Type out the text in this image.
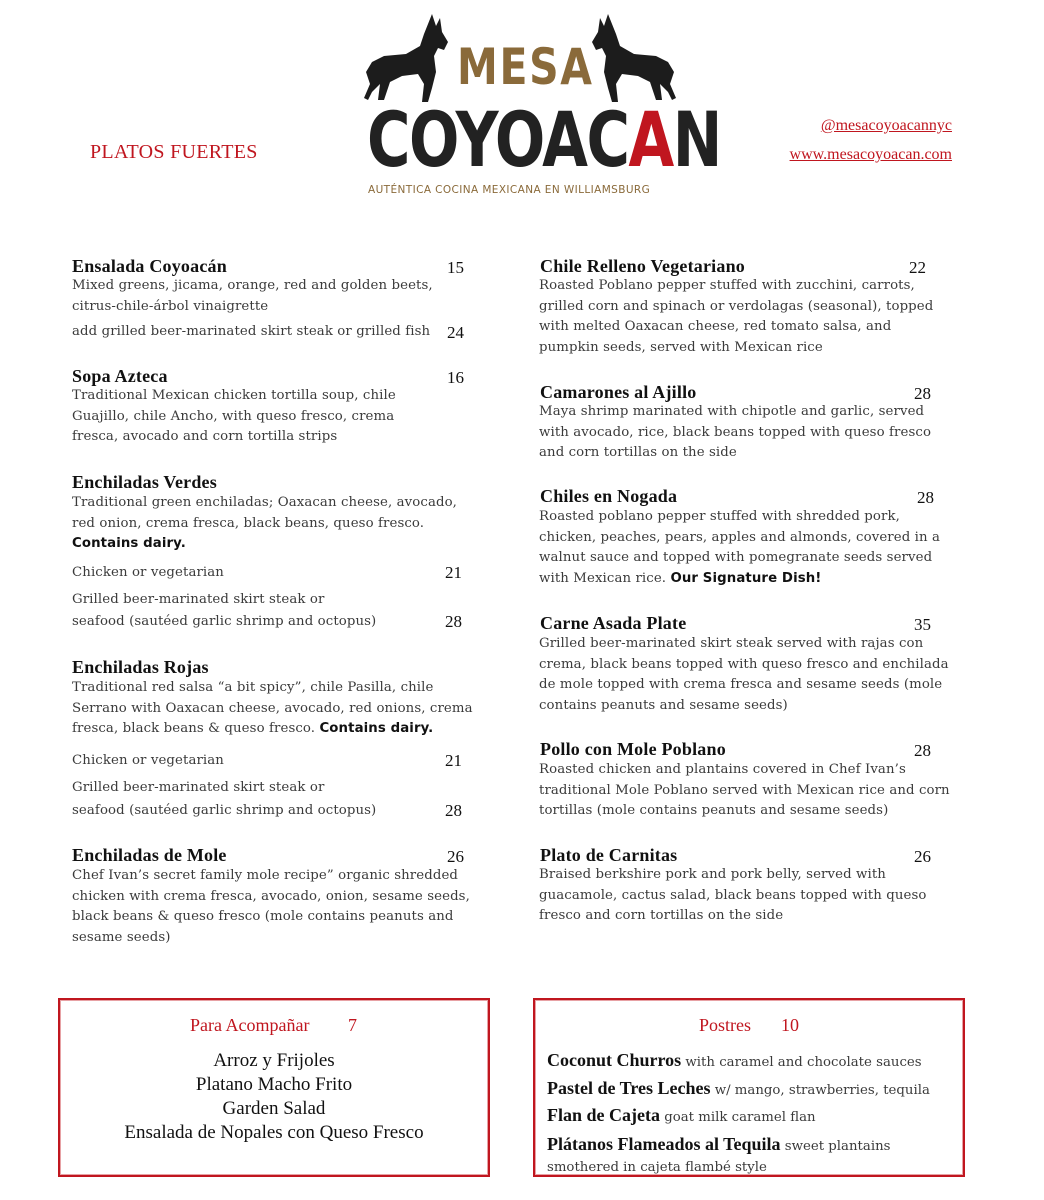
PLATOS FUERTES
@mesacoyoacannyc
www.mesacoyoacan.com
MESA
COYOACAN
AUTÉNTICA COCINA MEXICANA EN WILLIAMSBURG
Ensalada Coyoacán	15
Mixed greens, jicama, orange, red and golden beets, citrus-chile-árbol vinaigrette
add grilled beer-marinated skirt steak or grilled fish 24
Sopa Azteca	16
Traditional Mexican chicken tortilla soup, chile Guajillo, chile Ancho, with queso fresco, crema fresca, avocado and corn tortilla strips
Enchiladas Verdes
Traditional green enchiladas; Oaxacan cheese, avocado, red onion, crema fresca, black beans, queso fresco. Contains dairy.
Chicken or vegetarian	21
Grilled beer-marinated skirt steak or
seafood (sautéed garlic shrimp and octopus)	28
Enchiladas Rojas
Traditional red salsa “a bit spicy”, chile Pasilla, chile Serrano with Oaxacan cheese, avocado, red onions, crema fresca, black beans & queso fresco. Contains dairy.
Chicken or vegetarian	21
Grilled beer-marinated skirt steak or
seafood (sautéed garlic shrimp and octopus)	28
Enchiladas de Mole	26
Chef Ivan’s secret family mole recipe” organic shredded chicken with crema fresca, avocado, onion, sesame seeds, black beans & queso fresco (mole contains peanuts and sesame seeds)
Chile Relleno Vegetariano	22
Roasted Poblano pepper stuffed with zucchini, carrots, grilled corn and spinach or verdolagas (seasonal), topped with melted Oaxacan cheese, red tomato salsa, and pumpkin seeds, served with Mexican rice
Camarones al Ajillo	28
Maya shrimp marinated with chipotle and garlic, served with avocado, rice, black beans topped with queso fresco and corn tortillas on the side
Chiles en Nogada	28
Roasted poblano pepper stuffed with shredded pork, chicken, peaches, pears, apples and almonds, covered in a walnut sauce and topped with pomegranate seeds served with Mexican rice. Our Signature Dish!
Carne Asada Plate	35
Grilled beer-marinated skirt steak served with rajas con crema, black beans topped with queso fresco and enchilada de mole topped with crema fresca and sesame seeds (mole contains peanuts and sesame seeds)
Pollo con Mole Poblano	28
Roasted chicken and plantains covered in Chef Ivan’s traditional Mole Poblano served with Mexican rice and corn tortillas (mole contains peanuts and sesame seeds)
Plato de Carnitas	26
Braised berkshire pork and pork belly, served with guacamole, cactus salad, black beans topped with queso fresco and corn tortillas on the side
Para Acompañar 7
Arroz y Frijoles
Platano Macho Frito
Garden Salad
Ensalada de Nopales con Queso Fresco
Postres 10
Coconut Churros with caramel and chocolate sauces
Pastel de Tres Leches w/ mango, strawberries, tequila
Flan de Cajeta goat milk caramel flan
Plátanos Flameados al Tequila sweet plantains smothered in cajeta flambé style
